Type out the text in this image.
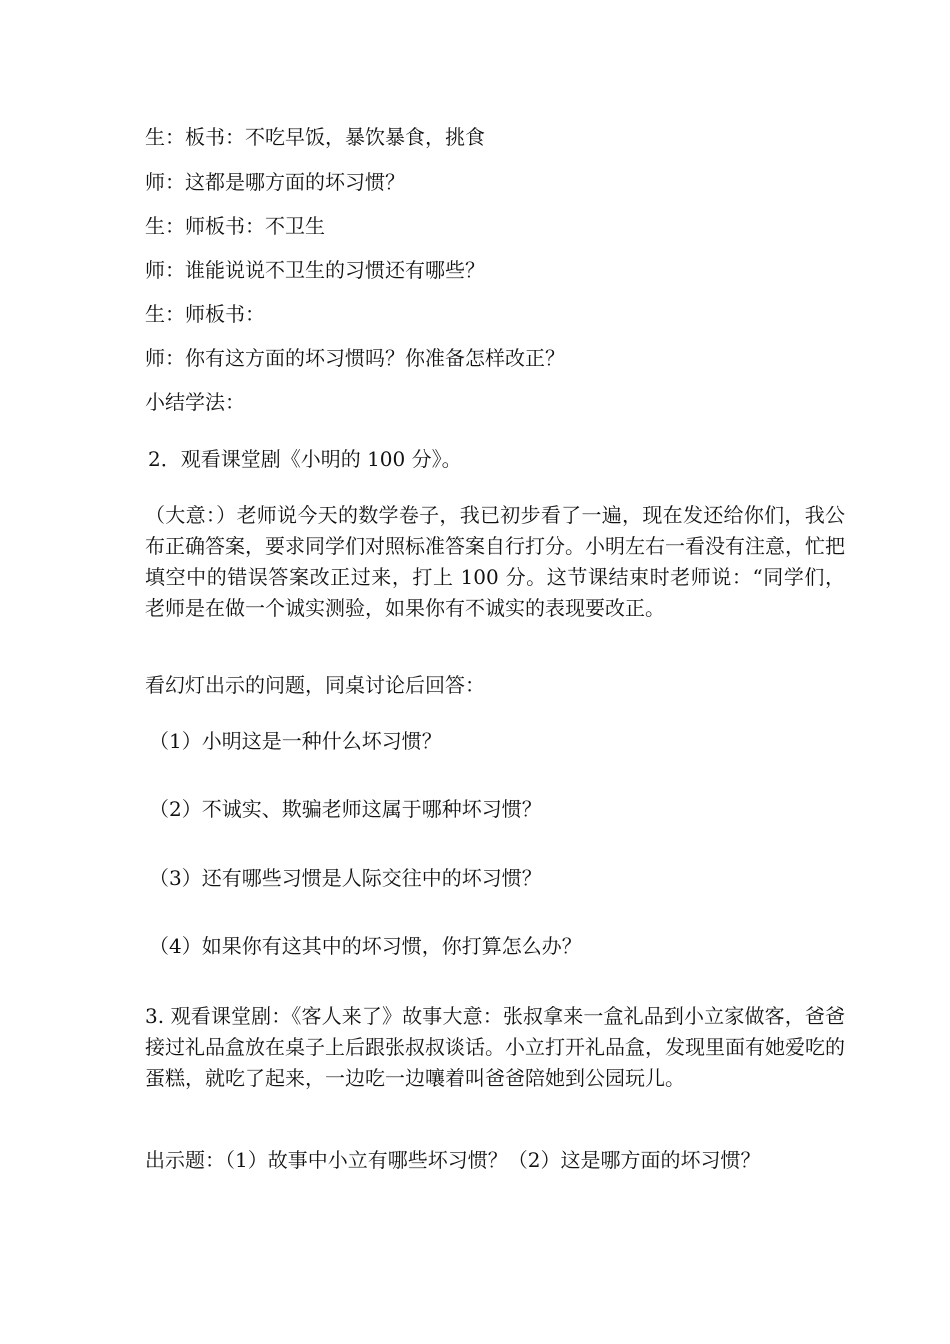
生：板书：不吃早饭，暴饮暴食，挑食
师：这都是哪方面的坏习惯？
生：师板书：不卫生
师：谁能说说不卫生的习惯还有哪些？
生：师板书：
师：你有这方面的坏习惯吗？你准备怎样改正？
小结学法：
2．观看课堂剧《小明的 100 分》。
（大意：）老师说今天的数学卷子，我已初步看了一遍，现在发还给你们，我公布正确答案，要求同学们对照标准答案自行打分。小明左右一看没有注意，忙把填空中的错误答案改正过来，打上 100 分。这节课结束时老师说：“同学们，老师是在做一个诚实测验，如果你有不诚实的表现要改正。
看幻灯出示的问题，同桌讨论后回答：
（1）小明这是一种什么坏习惯？
（2）不诚实、欺骗老师这属于哪种坏习惯？
（3）还有哪些习惯是人际交往中的坏习惯？
（4）如果你有这其中的坏习惯，你打算怎么办？
3. 观看课堂剧：《客人来了》故事大意：张叔拿来一盒礼品到小立家做客，爸爸接过礼品盒放在桌子上后跟张叔叔谈话。小立打开礼品盒，发现里面有她爱吃的蛋糕，就吃了起来，一边吃一边嚷着叫爸爸陪她到公园玩儿。
出示题：（1）故事中小立有哪些坏习惯？（2）这是哪方面的坏习惯？
